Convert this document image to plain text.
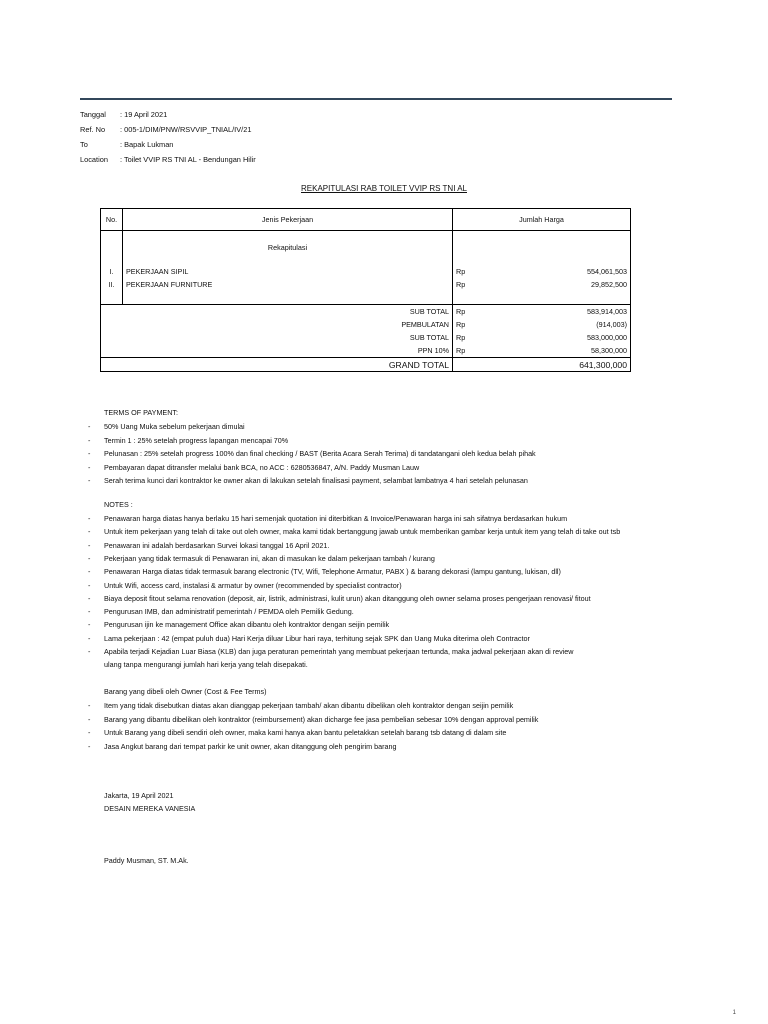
Tanggal : 19 April 2021
Ref. No : 005-1/DIM/PNW/RSVVIP_TNIAL/IV/21
To	: Bapak Lukman
Location : Toilet VVIP RS TNI AL - Bendungan Hilir
REKAPITULASI RAB TOILET VVIP RS TNI AL
No.	Jenis Pekerjaan	Jumlah Harga	
	Rekapitulasi		
I.	PEKERJAAN SIPIL	Rp	554,061,503
II.	PEKERJAAN FURNITURE	Rp	29,852,500

	SUB TOTAL	Rp	583,914,003
	PEMBULATAN	Rp	(914,003)
	SUB TOTAL	Rp	583,000,000
	PPN 10%	Rp	58,300,000
	GRAND TOTAL		641,300,000
TERMS OF PAYMENT:
- 50% Uang Muka sebelum pekerjaan dimulai
- Termin 1 : 25% setelah progress lapangan mencapai 70%
- Pelunasan : 25% setelah progress 100% dan final checking / BAST (Berita Acara Serah Terima) di tandatangani oleh kedua belah pihak
- Pembayaran dapat ditransfer melalui bank BCA, no ACC : 6280536847, A/N. Paddy Musman Lauw
- Serah terima kunci dari kontraktor ke owner akan di lakukan setelah finalisasi payment, selambat lambatnya 4 hari setelah pelunasan
NOTES :
- Penawaran harga diatas hanya berlaku 15 hari semenjak quotation ini diterbitkan & Invoice/Penawaran harga ini sah sifatnya berdasarkan hukum
- Untuk item pekerjaan yang telah di take out oleh owner, maka kami tidak bertanggung jawab untuk memberikan gambar kerja untuk item yang telah di take out tsb
- Penawaran ini adalah berdasarkan Survei lokasi tanggal 16 April 2021.
- Pekerjaan yang tidak termasuk di Penawaran ini, akan di masukan ke dalam pekerjaan tambah / kurang
- Penawaran Harga diatas tidak termasuk barang electronic (TV, Wifi, Telephone Armatur, PABX ) & barang dekorasi (lampu gantung, lukisan, dll)
- Untuk Wifi, access card, instalasi & armatur by owner (recommended by specialist contractor)
- Biaya deposit fitout selama renovation (deposit, air, listrik, administrasi, kulit urun) akan ditanggung oleh owner selama proses pengerjaan renovasi/ fitout
- Pengurusan IMB, dan administratif pemerintah / PEMDA oleh Pemilik Gedung.
- Pengurusan ijin ke management Office akan dibantu oleh kontraktor dengan seijin pemilik
- Lama pekerjaan : 42 (empat puluh dua) Hari Kerja diluar Libur hari raya, terhitung sejak SPK dan Uang Muka diterima oleh Contractor
- Apabila terjadi Kejadian Luar Biasa (KLB) dan juga peraturan pemerintah yang membuat pekerjaan tertunda, maka jadwal pekerjaan akan di review
ulang tanpa mengurangi jumlah hari kerja yang telah disepakati.
Barang yang dibeli oleh Owner (Cost & Fee Terms)
- Item yang tidak disebutkan diatas akan dianggap pekerjaan tambah/ akan dibantu dibelikan oleh kontraktor dengan seijin pemilik
- Barang yang dibantu dibelikan oleh kontraktor (reimbursement) akan dicharge fee jasa pembelian sebesar 10% dengan approval pemilik
- Untuk Barang yang dibeli sendiri oleh owner, maka kami hanya akan bantu peletakkan setelah barang tsb datang di dalam site
- Jasa Angkut barang dari tempat parkir ke unit owner, akan ditanggung oleh pengirim barang
Jakarta, 19 April 2021
DESAIN MEREKA VANESIA
Paddy Musman, ST. M.Ak.
1
